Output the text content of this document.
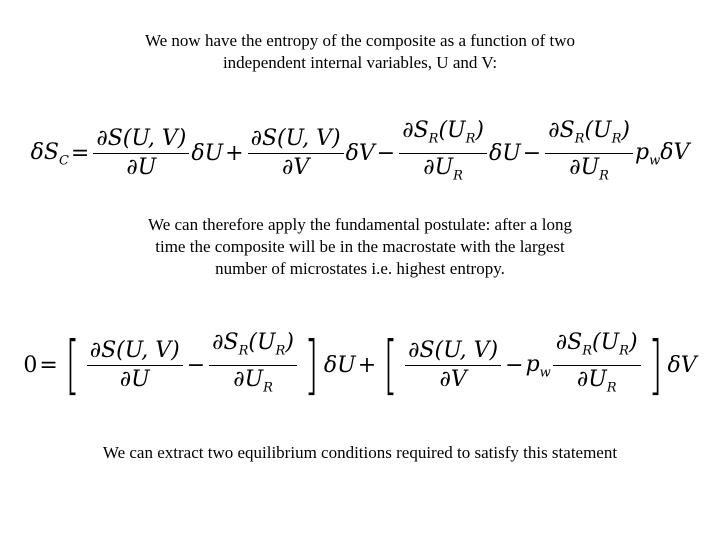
We now have the entropy of the composite as a function of two
independent internal variables, U and V:
$\delta S_C = \frac{\partial S(U, V)}{\partial U}$ $\delta U + \frac{\partial S(U, V)}{\partial V}$ $\delta V - \frac{\partial S_R(U_R)}{\partial U_R}$ $\delta U - \frac{\partial S_R(U_R)}{\partial U_R} p_w\delta V$
We can therefore apply the fundamental postulate: after a long
time the composite will be in the macrostate with the largest
number of microstates i.e. highest entropy.
0 = [ $\frac{\partial S(U, V)}{\partial U} - \frac{\partial S_R(U_R)}{\partial U_R}$ ] δU + [ $\frac{\partial S(U, V)}{\partial V} - p_w \frac{\partial S_R(U_R)}{\partial U_R}$ ] δV
We can extract two equilibrium conditions required to satisfy this statement
